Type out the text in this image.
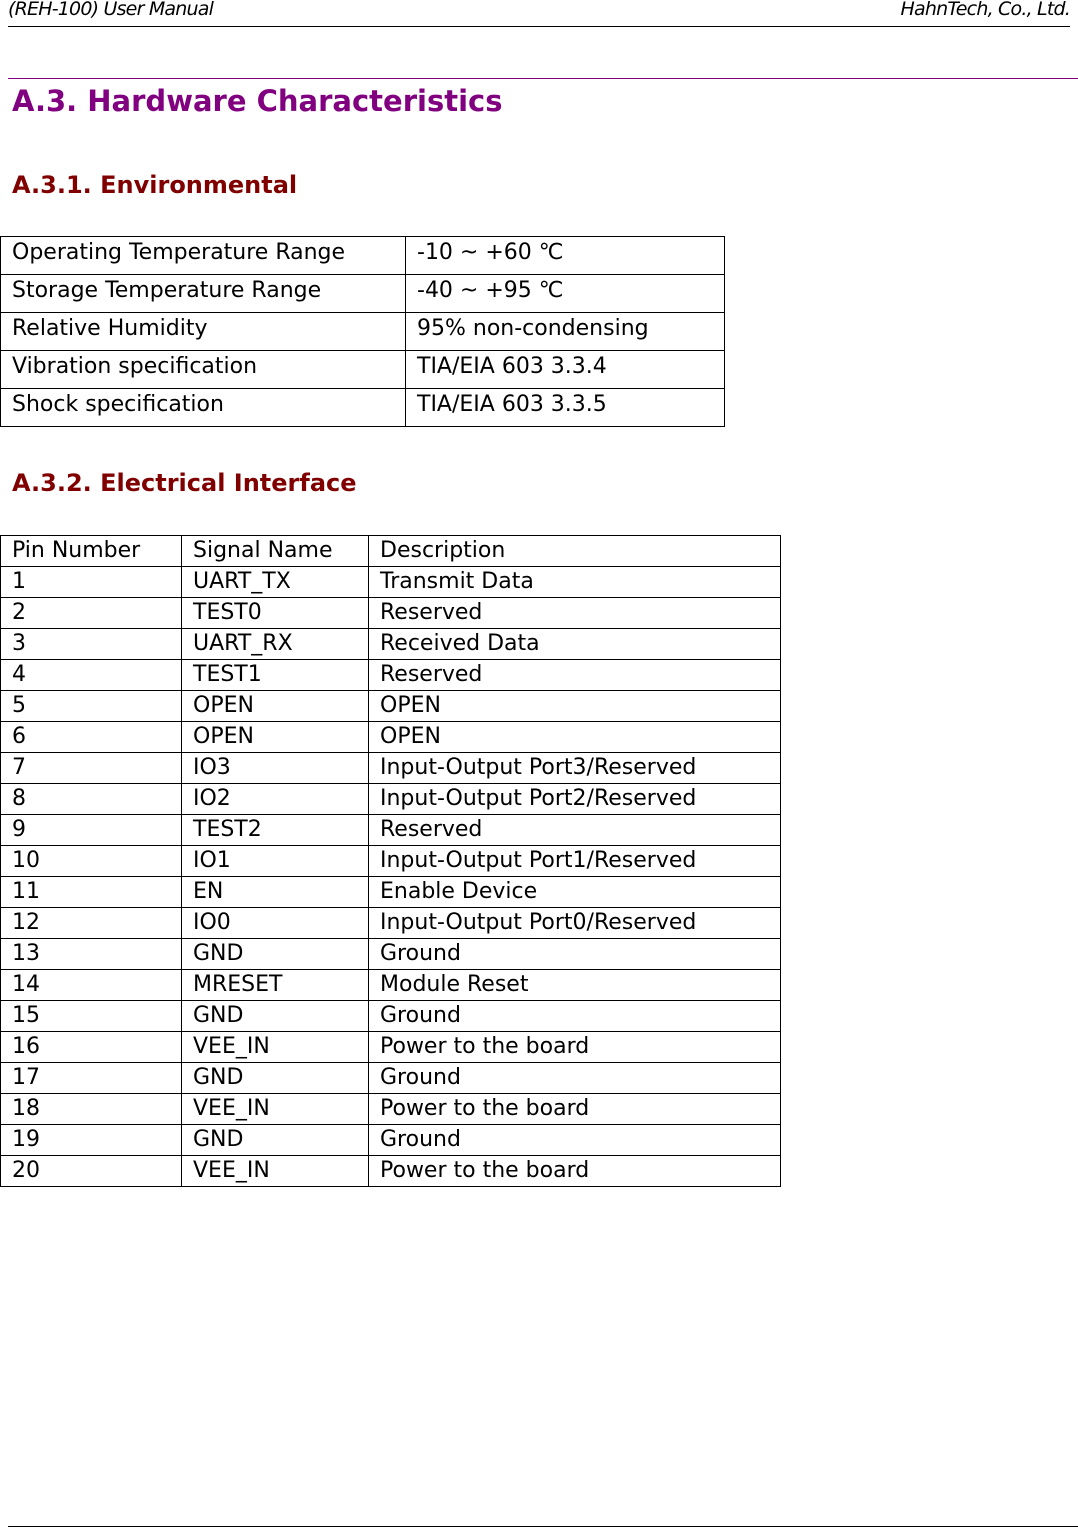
(REH-100) User Manual	HahnTech, Co., Ltd.
A.3. Hardware Characteristics
A.3.1. Environmental
Operating Temperature Range	-10 ~ +60 ℃
Storage Temperature Range	-40 ~ +95 ℃
Relative Humidity	95% non-condensing
Vibration specification	TIA/EIA 603 3.3.4
Shock specification	TIA/EIA 603 3.3.5
A.3.2. Electrical Interface
Pin Number	Signal Name	Description
1	UART_TX	Transmit Data
2	TEST0	Reserved
3	UART_RX	Received Data
4	TEST1	Reserved
5	OPEN	OPEN
6	OPEN	OPEN
7	IO3	Input-Output Port3/Reserved
8	IO2	Input-Output Port2/Reserved
9	TEST2	Reserved
10	IO1	Input-Output Port1/Reserved
11	EN	Enable Device
12	IO0	Input-Output Port0/Reserved
13	GND	Ground
14	MRESET	Module Reset
15	GND	Ground
16	VEE_IN	Power to the board
17	GND	Ground
18	VEE_IN	Power to the board
19	GND	Ground
20	VEE_IN	Power to the board
